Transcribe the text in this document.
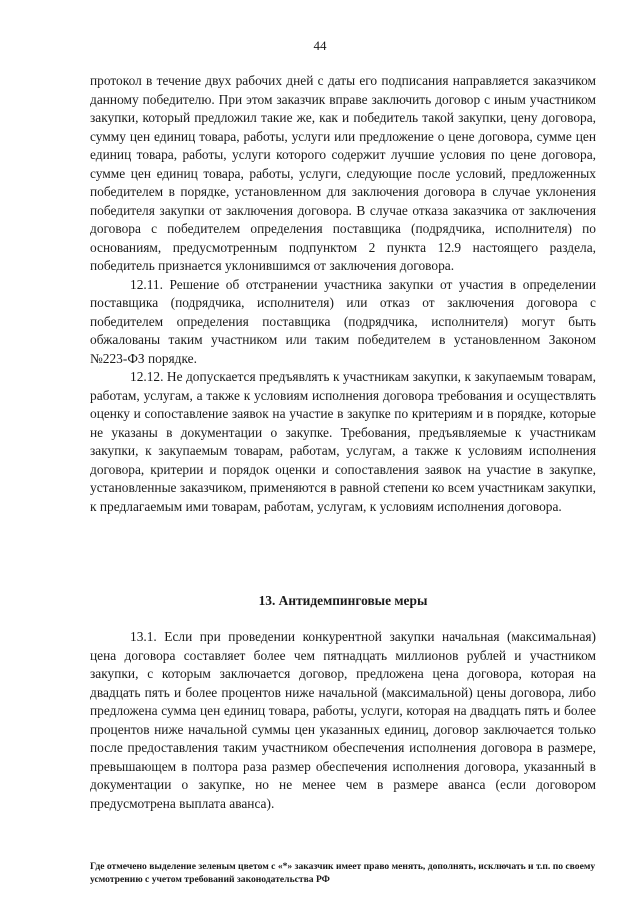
44

протокол в течение двух рабочих дней с даты его подписания направляется заказчиком данному победителю. При этом заказчик вправе заключить договор с иным участником закупки, который предложил такие же, как и победитель такой закупки, цену договора, сумму цен единиц товара, работы, услуги или предложение о цене договора, сумме цен единиц товара, работы, услуги которого содержит лучшие условия по цене договора, сумме цен единиц товара, работы, услуги, следующие после условий, предложенных победителем в порядке, установленном для заключения договора в случае уклонения победителя закупки от заключения договора. В случае отказа заказчика от заключения договора с победителем определения поставщика (подрядчика, исполнителя) по основаниям, предусмотренным подпунктом 2 пункта 12.9 настоящего раздела, победитель признается уклонившимся от заключения договора.

12.11. Решение об отстранении участника закупки от участия в определении поставщика (подрядчика, исполнителя) или отказ от заключения договора с победителем определения поставщика (подрядчика, исполнителя) могут быть обжалованы таким участником или таким победителем в установленном Законом №223-ФЗ порядке.

12.12. Не допускается предъявлять к участникам закупки, к закупаемым товарам, работам, услугам, а также к условиям исполнения договора требования и осуществлять оценку и сопоставление заявок на участие в закупке по критериям и в порядке, которые не указаны в документации о закупке. Требования, предъявляемые к участникам закупки, к закупаемым товарам, работам, услугам, а также к условиям исполнения договора, критерии и порядок оценки и сопоставления заявок на участие в закупке, установленные заказчиком, применяются в равной степени ко всем участникам закупки, к предлагаемым ими товарам, работам, услугам, к условиям исполнения договора.

13. Антидемпинговые меры

13.1. Если при проведении конкурентной закупки начальная (максимальная) цена договора составляет более чем пятнадцать миллионов рублей и участником закупки, с которым заключается договор, предложена цена договора, которая на двадцать пять и более процентов ниже начальной (максимальной) цены договора, либо предложена сумма цен единиц товара, работы, услуги, которая на двадцать пять и более процентов ниже начальной суммы цен указанных единиц, договор заключается только после предоставления таким участником обеспечения исполнения договора в размере, превышающем в полтора раза размер обеспечения исполнения договора, указанный в документации о закупке, но не менее чем в размере аванса (если договором предусмотрена выплата аванса).

Где отмечено выделение зеленым цветом с «*» заказчик имеет право менять, дополнять, исключать и т.п. по своему усмотрению с учетом требований законодательства РФ
